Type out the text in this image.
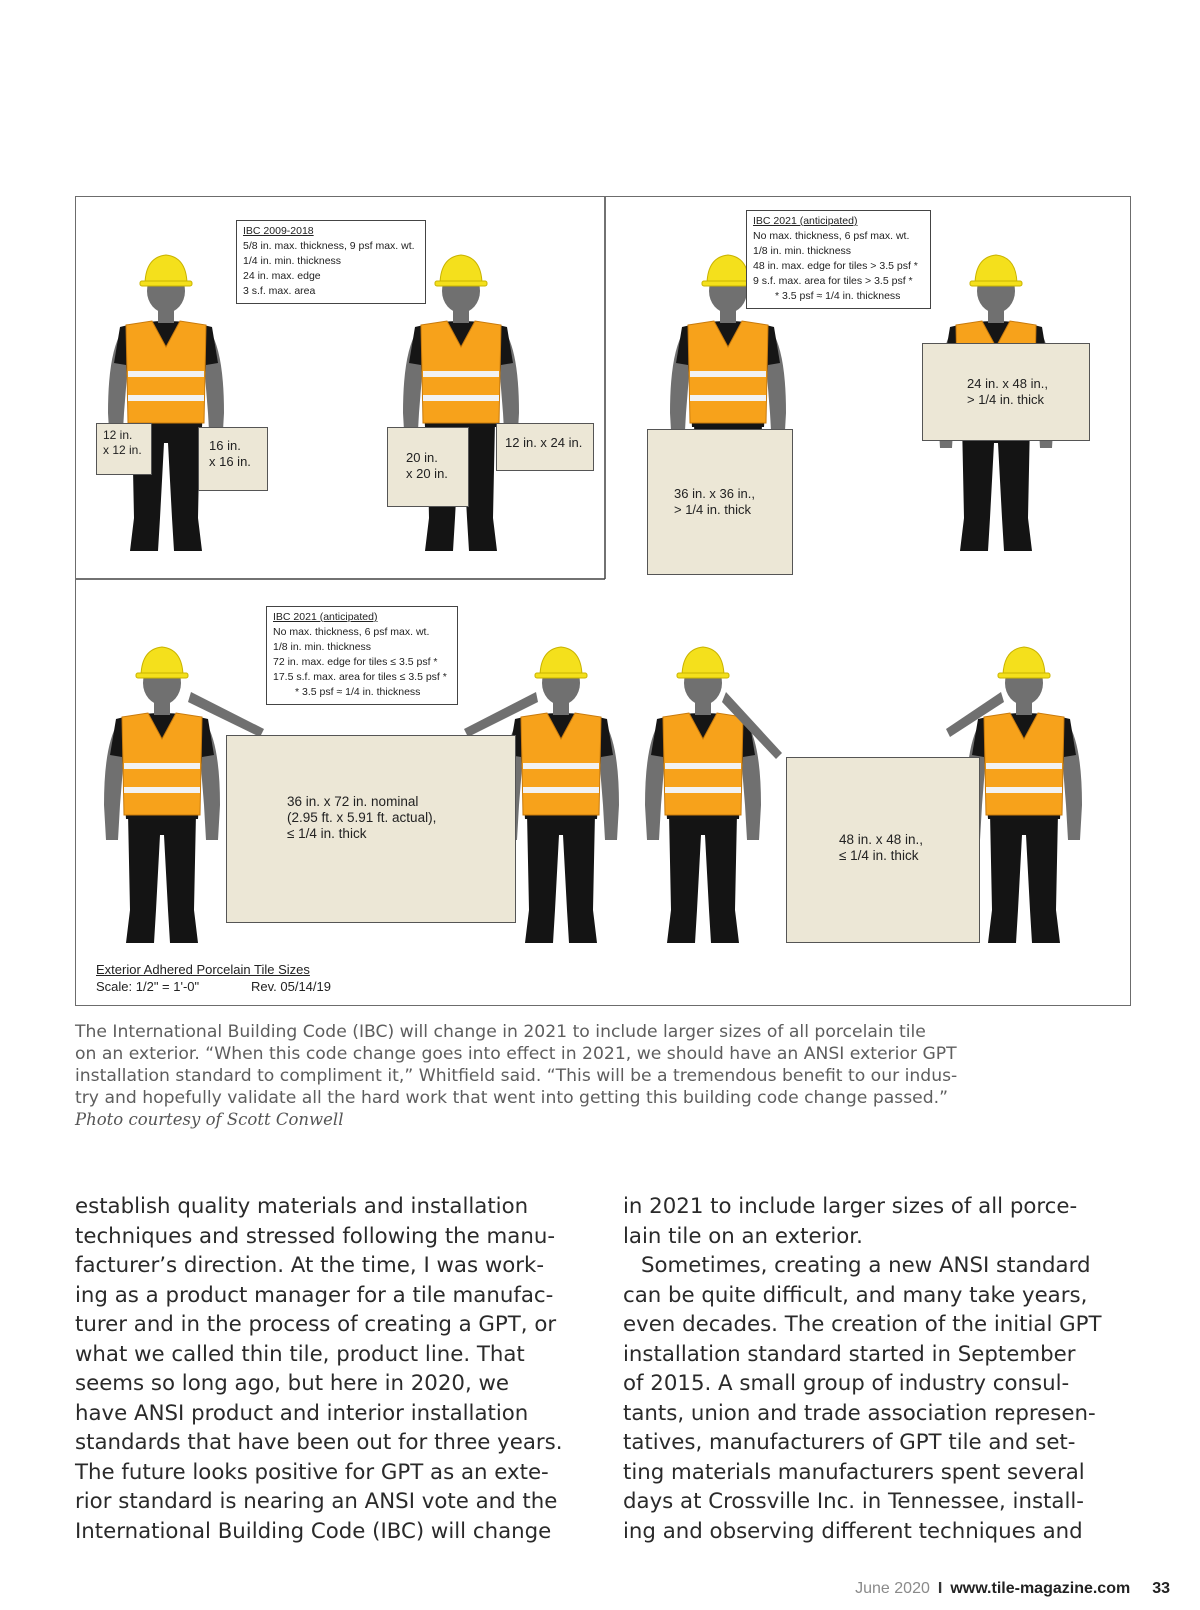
IBC 2009-2018
5/8 in. max. thickness, 9 psf max. wt.
1/4 in. min. thickness
24 in. max. edge
3 s.f. max. area
IBC 2021 (anticipated)
No max. thickness, 6 psf max. wt.
1/8 in. min. thickness
48 in. max. edge for tiles > 3.5 psf *
9 s.f. max. area for tiles > 3.5 psf *
* 3.5 psf ≈ 1/4 in. thickness
IBC 2021 (anticipated)
No max. thickness, 6 psf max. wt.
1/8 in. min. thickness
72 in. max. edge for tiles ≤ 3.5 psf *
17.5 s.f. max. area for tiles ≤ 3.5 psf *
* 3.5 psf ≈ 1/4 in. thickness
12 in.
x 12 in.	16 in.
x 16 in.	20 in.
x 20 in.
12 in. x 24 in.
36 in. x 36 in.,
> 1/4 in. thick
24 in. x 48 in.,
> 1/4 in. thick
36 in. x 72 in. nominal
(2.95 ft. x 5.91 ft. actual),
≤ 1/4 in. thick	48 in. x 48 in.,
≤ 1/4 in. thick
Exterior Adhered Porcelain Tile Sizes
Scale: 1/2" = 1'-0"	Rev. 05/14/19
The International Building Code (IBC) will change in 2021 to include larger sizes of all porcelain tile
on an exterior. “When this code change goes into effect in 2021, we should have an ANSI exterior GPT
installation standard to compliment it,” Whitfield said. “This will be a tremendous benefit to our indus-
try and hopefully validate all the hard work that went into getting this building code change passed.”
Photo courtesy of Scott Conwell
establish quality materials and installation
techniques and stressed following the manu-
facturer’s direction. At the time, I was work-
ing as a product manager for a tile manufac-
turer and in the process of creating a GPT, or
what we called thin tile, product line. That
seems so long ago, but here in 2020, we
have ANSI product and interior installation
standards that have been out for three years.
The future looks positive for GPT as an exte-
rior standard is nearing an ANSI vote and the
International Building Code (IBC) will change
in 2021 to include larger sizes of all porce-
lain tile on an exterior.
Sometimes, creating a new ANSI standard
can be quite difficult, and many take years,
even decades. The creation of the initial GPT
installation standard started in September
of 2015. A small group of industry consul-
tants, union and trade association represen-
tatives, manufacturers of GPT tile and set-
ting materials manufacturers spent several
days at Crossville Inc. in Tennessee, install-
ing and observing different techniques and
June 2020 I www.tile-magazine.com 33
